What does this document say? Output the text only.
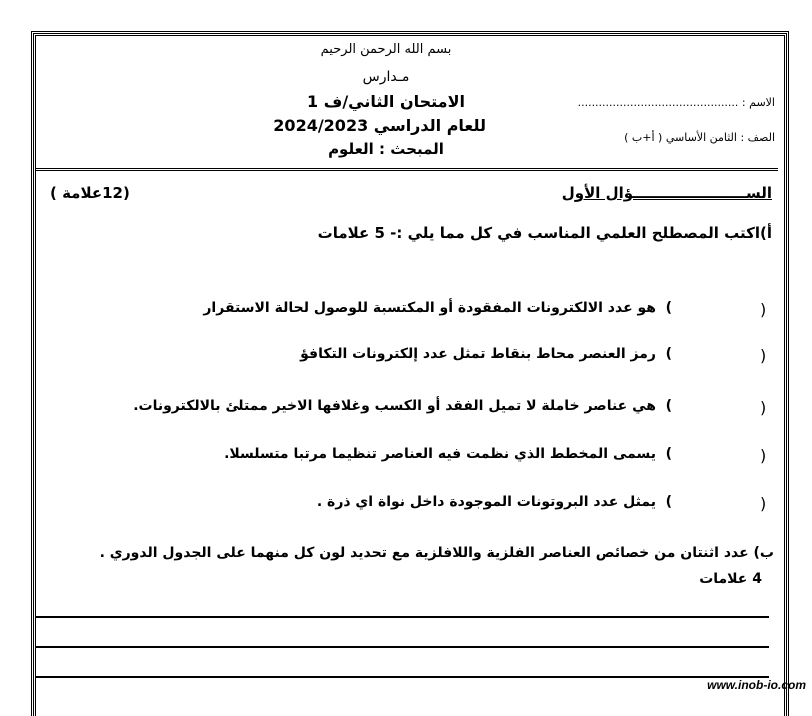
بسم الله الرحمن الرحيم
مـدارس
الامتحان الثاني/ف 1
للعام الدراسي 2024/2023
المبحث : العلوم
الاسم : ..............................................
الصف : الثامن الأساسي ( أ+ب )
الســــــــــــــــــــــؤال الأول
(12علامة )
أ)اكتب المصطلح العلمي المناسب في كل مما يلي :- 5 علامات
(
)
هو عدد الالكترونات المفقودة أو المكتسبة للوصول لحالة الاستقرار
(
)
رمز العنصر محاط بنقاط تمثل عدد إلكترونات التكافؤ
(
)
هي عناصر خاملة لا تميل الفقد أو الكسب وغلافها الاخير ممتلئ بالالكترونات.
(
)
يسمى المخطط الذي نظمت فيه العناصر تنظيما مرتبا متسلسلا.
(
)
يمثل عدد البروتونات الموجودة داخل نواة اي ذرة .
ب) عدد اثنتان من خصائص العناصر الفلزية واللافلزية مع تحديد لون كل منهما على الجدول الدوري .
4 علامات
www.inob-io.com
